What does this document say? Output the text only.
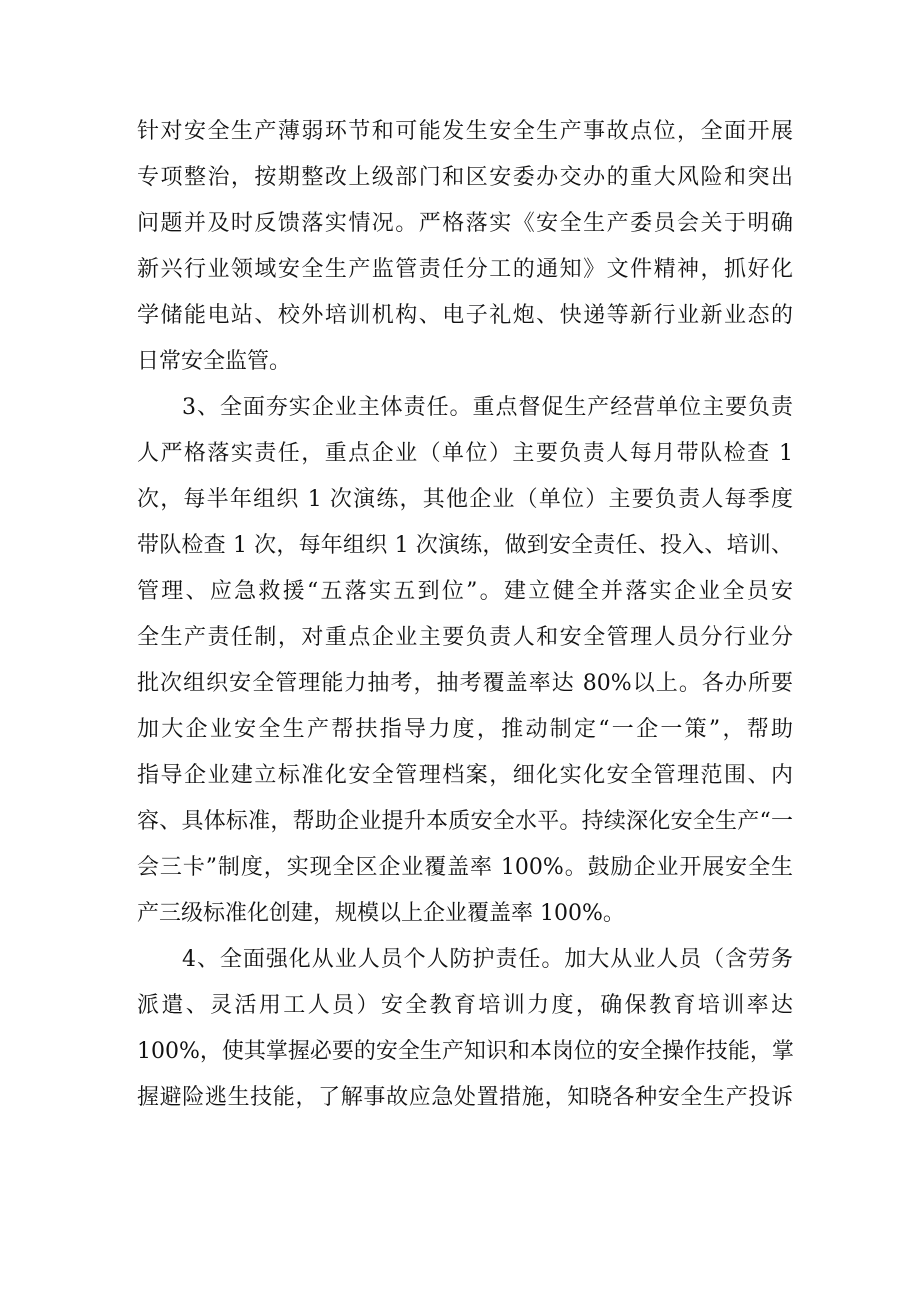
针对安全生产薄弱环节和可能发生安全生产事故点位，全面开展
专项整治，按期整改上级部门和区安委办交办的重大风险和突出
问题并及时反馈落实情况。严格落实《安全生产委员会关于明确
新兴行业领域安全生产监管责任分工的通知》文件精神，抓好化
学储能电站、校外培训机构、电子礼炮、快递等新行业新业态的
日常安全监管。
3、全面夯实企业主体责任。重点督促生产经营单位主要负责
人严格落实责任，重点企业（单位）主要负责人每月带队检查 1
次，每半年组织 1 次演练，其他企业（单位）主要负责人每季度
带队检查 1 次，每年组织 1 次演练，做到安全责任、投入、培训、
管理、应急救援“五落实五到位”。建立健全并落实企业全员安
全生产责任制，对重点企业主要负责人和安全管理人员分行业分
批次组织安全管理能力抽考，抽考覆盖率达 80%以上。各办所要
加大企业安全生产帮扶指导力度，推动制定“一企一策”，帮助
指导企业建立标准化安全管理档案，细化实化安全管理范围、内
容、具体标准，帮助企业提升本质安全水平。持续深化安全生产“一
会三卡”制度，实现全区企业覆盖率 100%。鼓励企业开展安全生
产三级标准化创建，规模以上企业覆盖率 100%。
4、全面强化从业人员个人防护责任。加大从业人员（含劳务
派遣、灵活用工人员）安全教育培训力度，确保教育培训率达
100%，使其掌握必要的安全生产知识和本岗位的安全操作技能，掌
握避险逃生技能，了解事故应急处置措施，知晓各种安全生产投诉
